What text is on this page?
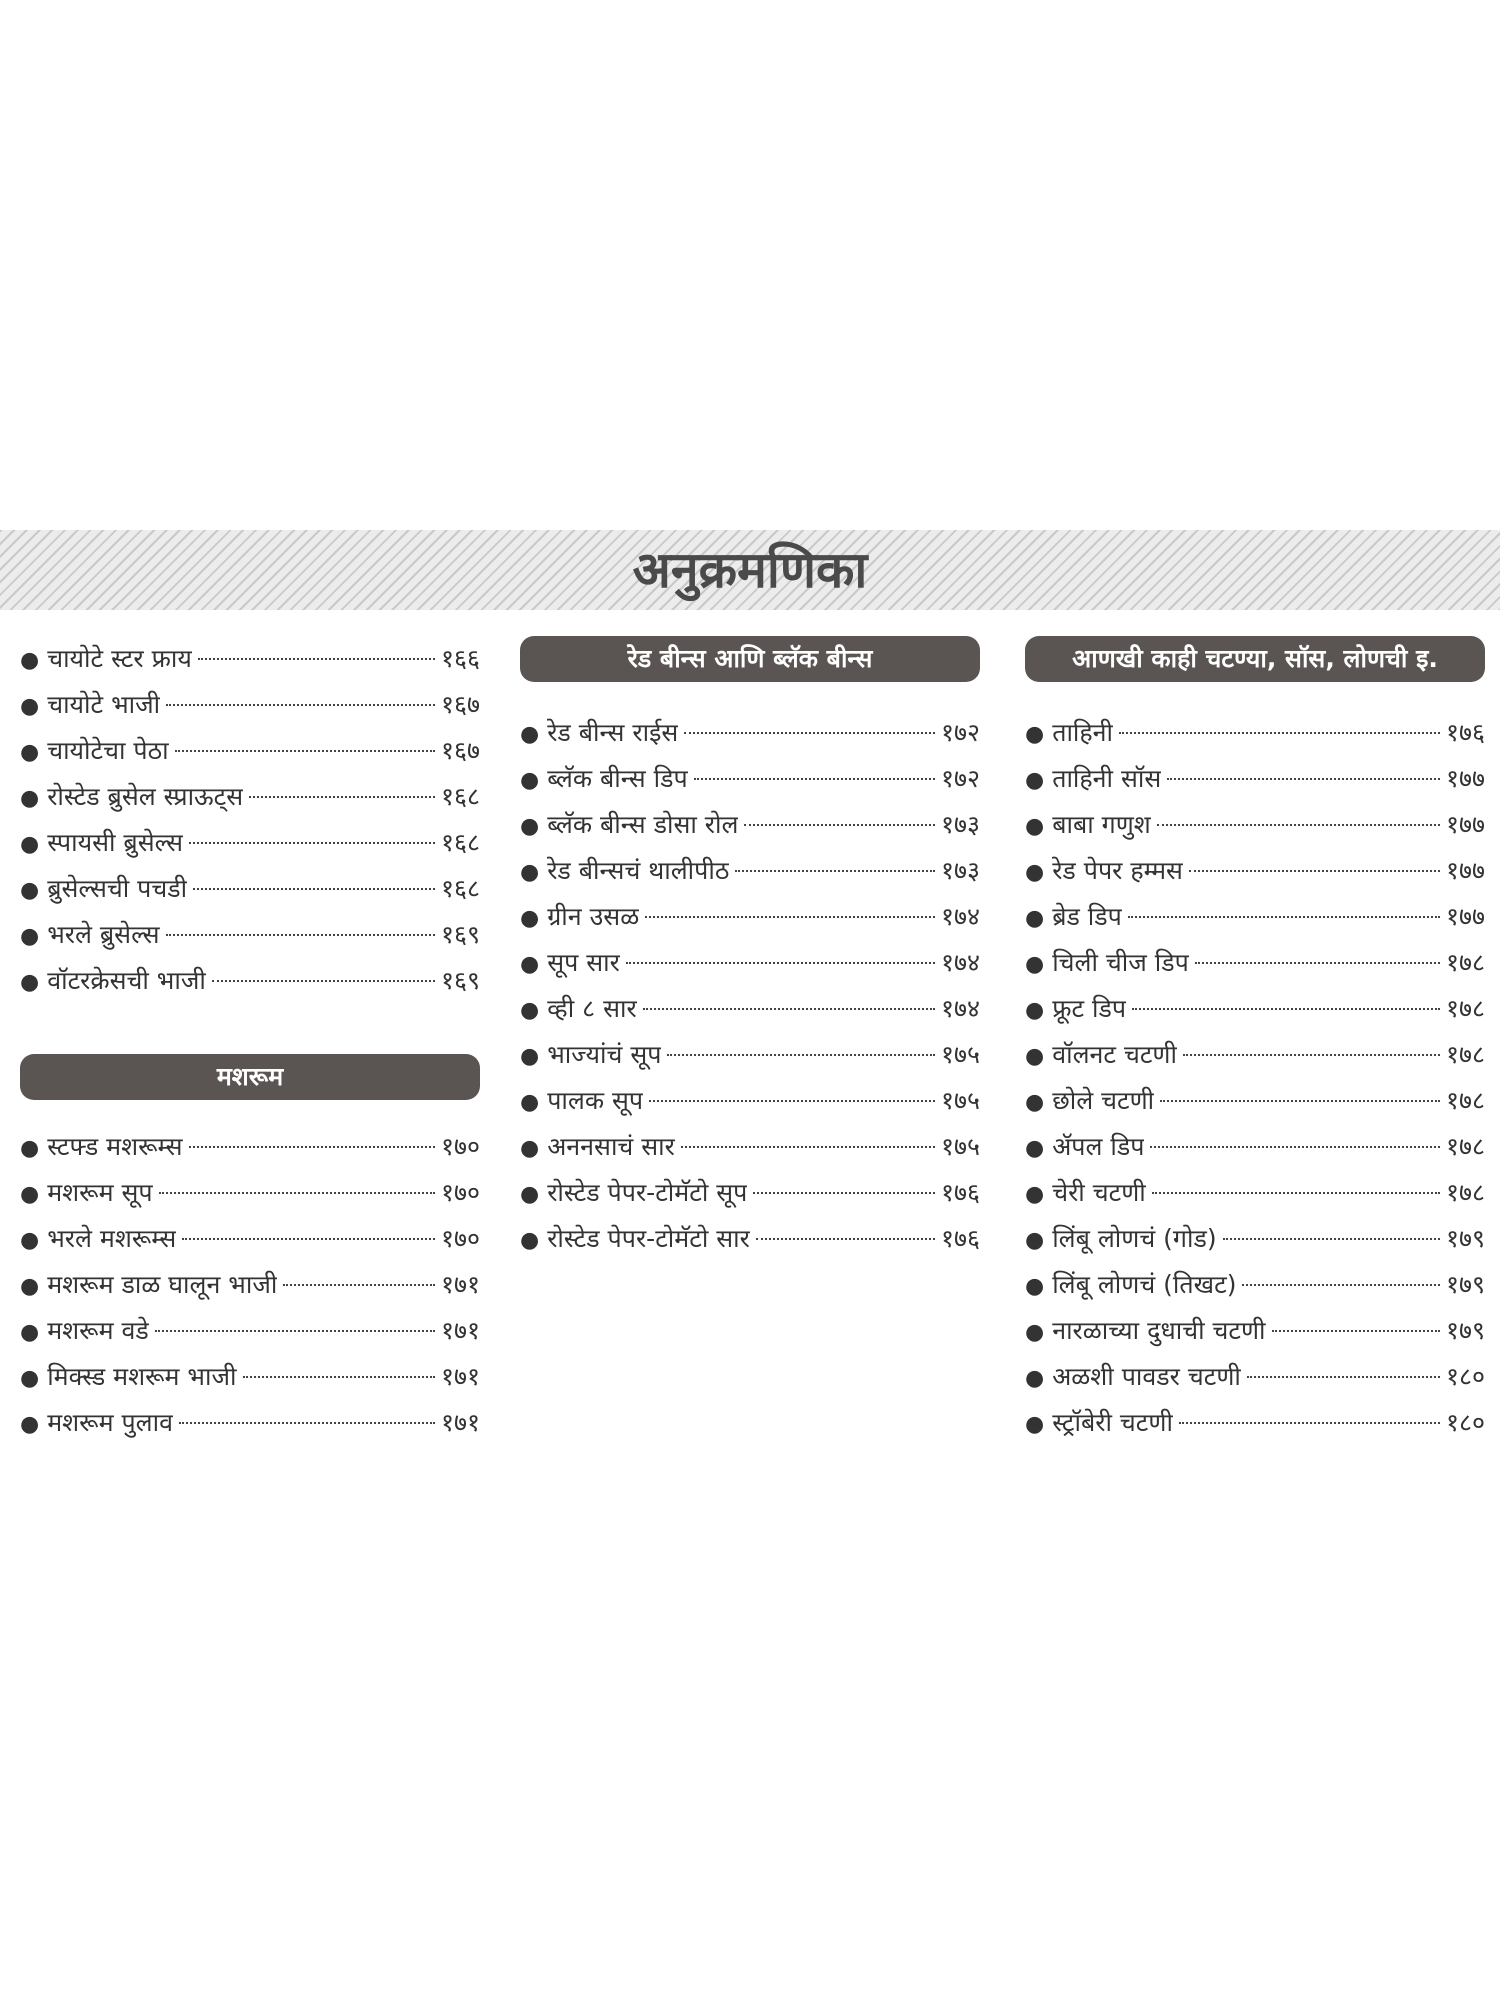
अनुक्रमणिका
● चायोटे स्टर फ्राय	१६६
● चायोटे भाजी	१६७
● चायोटेचा पेठा	१६७
● रोस्टेड ब्रुसेल स्प्राऊट्स	१६८
● स्पायसी ब्रुसेल्स	१६८
● ब्रुसेल्सची पचडी	१६८
● भरले ब्रुसेल्स	१६९
● वॉटरक्रेसची भाजी	१६९
मशरूम
● स्टफ्ड मशरूम्स	१७०
● मशरूम सूप	१७०
● भरले मशरूम्स	१७०
● मशरूम डाळ घालून भाजी	१७१
● मशरूम वडे	१७१
● मिक्स्ड मशरूम भाजी	१७१
● मशरूम पुलाव	१७१
रेड बीन्स आणि ब्लॅक बीन्स
● रेड बीन्स राईस	१७२
● ब्लॅक बीन्स डिप	१७२
● ब्लॅक बीन्स डोसा रोल	१७३
● रेड बीन्सचं थालीपीठ	१७३
● ग्रीन उसळ	१७४
● सूप सार	१७४
● व्ही ८ सार	१७४
● भाज्यांचं सूप	१७५
● पालक सूप	१७५
● अननसाचं सार	१७५
● रोस्टेड पेपर-टोमॅटो सूप	१७६
● रोस्टेड पेपर-टोमॅटो सार	१७६
आणखी काही चटण्या, सॉस, लोणची इ.
● ताहिनी	१७६
● ताहिनी सॉस	१७७
● बाबा गणुश	१७७
● रेड पेपर हम्मस	१७७
● ब्रेड डिप	१७७
● चिली चीज डिप	१७८
● फ्रूट डिप	१७८
● वॉलनट चटणी	१७८
● छोले चटणी	१७८
● ॲपल डिप	१७८
● चेरी चटणी	१७८
● लिंबू लोणचं (गोड)	१७९
● लिंबू लोणचं (तिखट)	१७९
● नारळाच्या दुधाची चटणी	१७९
● अळशी पावडर चटणी	१८०
● स्ट्रॉबेरी चटणी	१८०
